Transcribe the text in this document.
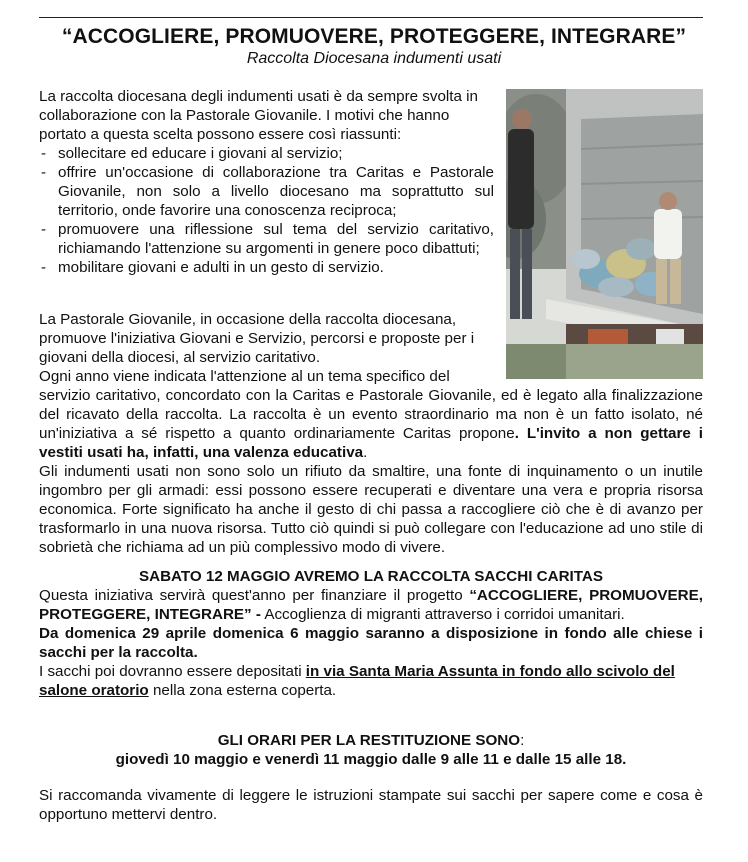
“ACCOGLIERE, PROMUOVERE, PROTEGGERE, INTEGRARE”
Raccolta Diocesana indumenti usati

La raccolta diocesana degli indumenti usati è da sempre svolta in collaborazione con la Pastorale Giovanile. I motivi che hanno portato a questa scelta possono essere così riassunti:

- sollecitare ed educare i giovani al servizio;
- offrire un'occasione di collaborazione tra Caritas e Pastorale Giovanile, non solo a livello diocesano ma soprattutto sul territorio, onde favorire una conoscenza reciproca;
- promuovere una riflessione sul tema del servizio caritativo, richiamando l'attenzione su argomenti in genere poco dibattuti;
- mobilitare giovani e adulti in un gesto di servizio.

La Pastorale Giovanile, in occasione della raccolta diocesana, promuove l'iniziativa Giovani e Servizio, percorsi e proposte per i giovani della diocesi, al servizio caritativo.

Ogni anno viene indicata l'attenzione al un tema specifico del

servizio caritativo, concordato con la Caritas e Pastorale Giovanile, ed è legato alla finalizzazione del ricavato della raccolta. La raccolta è un evento straordinario ma non è un fatto isolato, né un'iniziativa a sé rispetto a quanto ordinariamente Caritas propone. L'invito a non gettare i vestiti usati ha, infatti, una valenza educativa.

Gli indumenti usati non sono solo un rifiuto da smaltire, una fonte di inquinamento o un inutile ingombro per gli armadi: essi possono essere recuperati e diventare una vera e propria risorsa economica. Forte significato ha anche il gesto di chi passa a raccogliere ciò che è di avanzo per trasformarlo in una nuova risorsa. Tutto ciò quindi si può collegare con l'educazione ad uno stile di sobrietà che richiama ad un più complessivo modo di vivere.

SABATO 12 MAGGIO AVREMO LA RACCOLTA SACCHI CARITAS

Questa iniziativa servirà quest'anno per finanziare il progetto “ACCOGLIERE, PROMUOVERE, PROTEGGERE, INTEGRARE” - Accoglienza di migranti attraverso i corridoi umanitari.

Da domenica 29 aprile domenica 6 maggio saranno a disposizione in fondo alle chiese i sacchi per la raccolta.

I sacchi poi dovranno essere depositati in via Santa Maria Assunta in fondo allo scivolo del salone oratorio nella zona esterna coperta.

GLI ORARI PER LA RESTITUZIONE SONO:

giovedì 10 maggio e venerdì 11 maggio dalle 9 alle 11 e dalle 15 alle 18.

Si raccomanda vivamente di leggere le istruzioni stampate sui sacchi per sapere come e cosa è opportuno mettervi dentro.
